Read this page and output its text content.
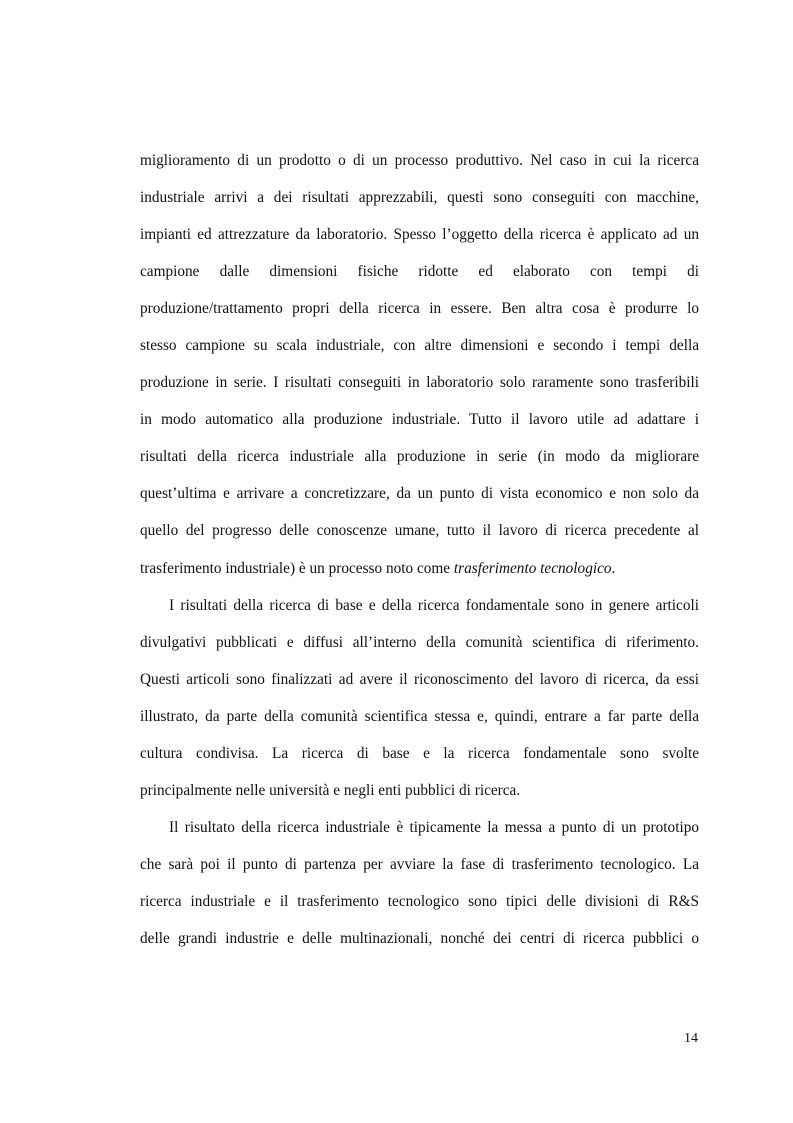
miglioramento di un prodotto o di un processo produttivo. Nel caso in cui la ricerca
industriale arrivi a dei risultati apprezzabili, questi sono conseguiti con macchine,
impianti ed attrezzature da laboratorio. Spesso l’oggetto della ricerca è applicato ad un
campione dalle dimensioni fisiche ridotte ed elaborato con tempi di
produzione/trattamento propri della ricerca in essere. Ben altra cosa è produrre lo
stesso campione su scala industriale, con altre dimensioni e secondo i tempi della
produzione in serie. I risultati conseguiti in laboratorio solo raramente sono trasferibili
in modo automatico alla produzione industriale. Tutto il lavoro utile ad adattare i
risultati della ricerca industriale alla produzione in serie (in modo da migliorare
quest’ultima e arrivare a concretizzare, da un punto di vista economico e non solo da
quello del progresso delle conoscenze umane, tutto il lavoro di ricerca precedente al
trasferimento industriale) è un processo noto come trasferimento tecnologico.
I risultati della ricerca di base e della ricerca fondamentale sono in genere articoli
divulgativi pubblicati e diffusi all’interno della comunità scientifica di riferimento.
Questi articoli sono finalizzati ad avere il riconoscimento del lavoro di ricerca, da essi
illustrato, da parte della comunità scientifica stessa e, quindi, entrare a far parte della
cultura condivisa. La ricerca di base e la ricerca fondamentale sono svolte
principalmente nelle università e negli enti pubblici di ricerca.
Il risultato della ricerca industriale è tipicamente la messa a punto di un prototipo
che sarà poi il punto di partenza per avviare la fase di trasferimento tecnologico. La
ricerca industriale e il trasferimento tecnologico sono tipici delle divisioni di R&S
delle grandi industrie e delle multinazionali, nonché dei centri di ricerca pubblici o
14
